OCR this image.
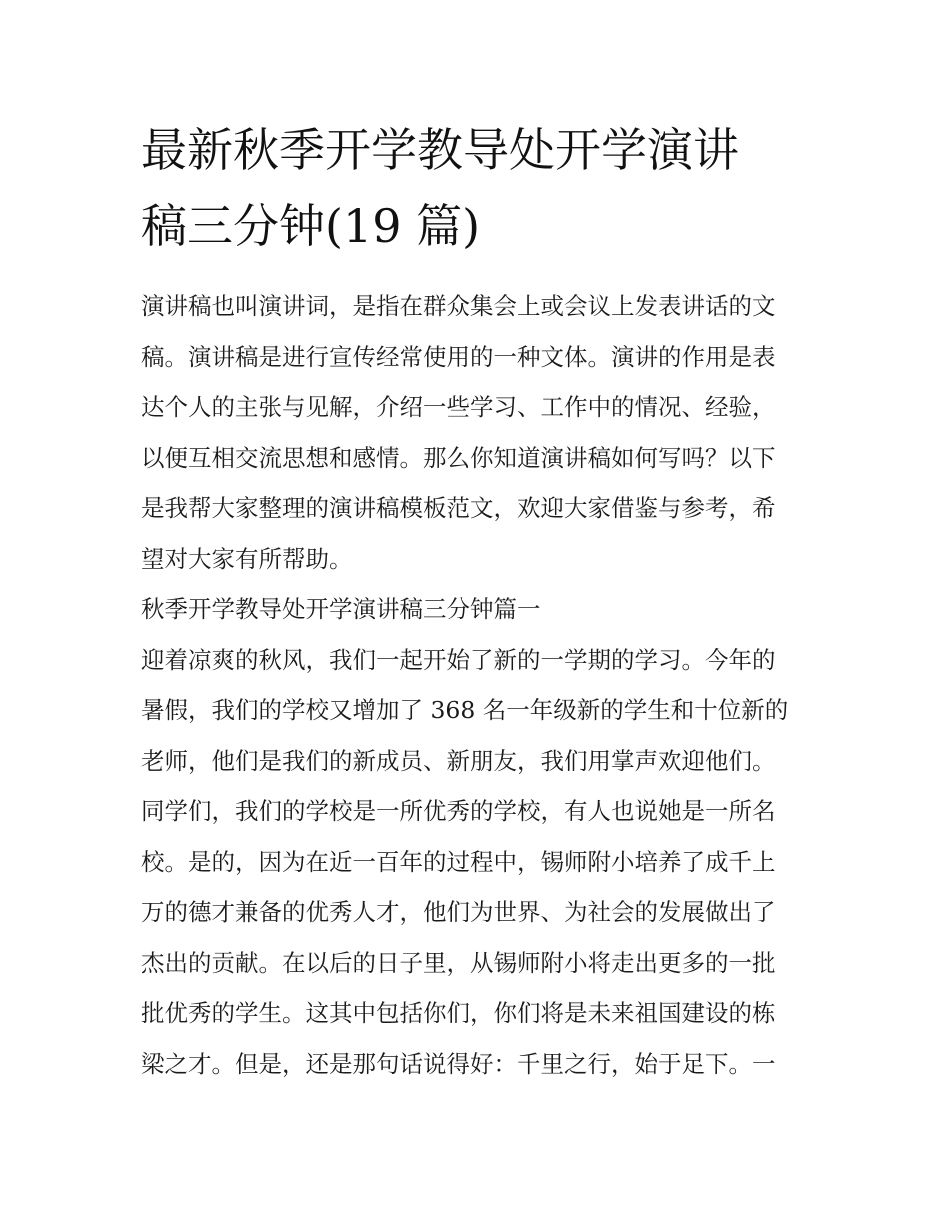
最新秋季开学教导处开学演讲
稿三分钟(19 篇)
演讲稿也叫演讲词，是指在群众集会上或会议上发表讲话的文
稿。演讲稿是进行宣传经常使用的一种文体。演讲的作用是表
达个人的主张与见解，介绍一些学习、工作中的情况、经验，
以便互相交流思想和感情。那么你知道演讲稿如何写吗？以下
是我帮大家整理的演讲稿模板范文，欢迎大家借鉴与参考，希
望对大家有所帮助。
秋季开学教导处开学演讲稿三分钟篇一
迎着凉爽的秋风，我们一起开始了新的一学期的学习。今年的
暑假，我们的学校又增加了 368 名一年级新的学生和十位新的
老师，他们是我们的新成员、新朋友，我们用掌声欢迎他们。
同学们，我们的学校是一所优秀的学校，有人也说她是一所名
校。是的，因为在近一百年的过程中，锡师附小培养了成千上
万的德才兼备的优秀人才，他们为世界、为社会的发展做出了
杰出的贡献。在以后的日子里，从锡师附小将走出更多的一批
批优秀的学生。这其中包括你们，你们将是未来祖国建设的栋
梁之才。但是，还是那句话说得好：千里之行，始于足下。一
